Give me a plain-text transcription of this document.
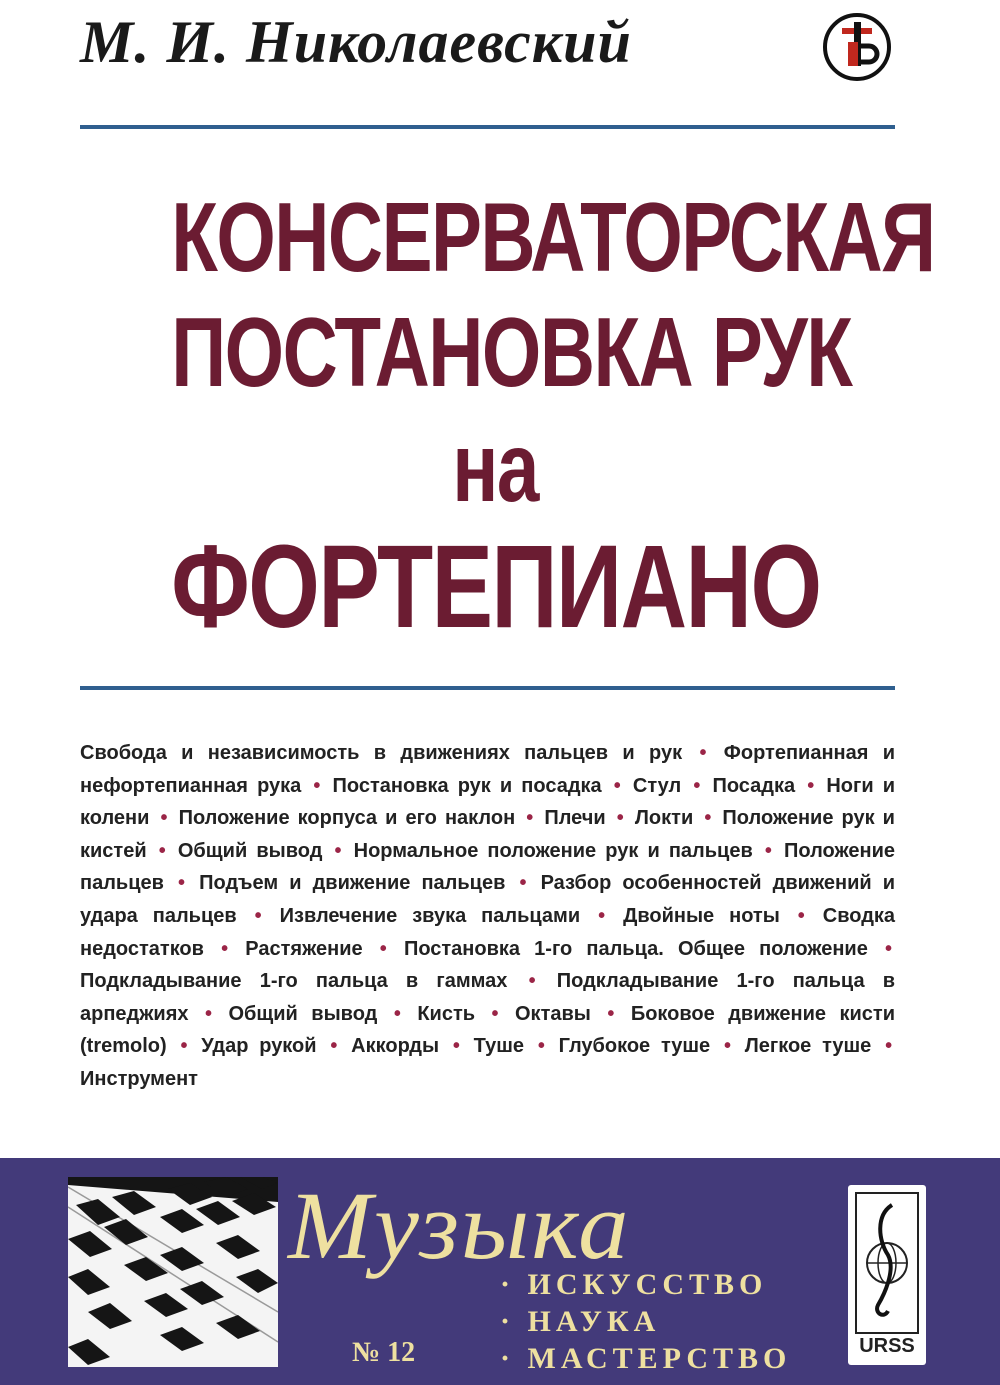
М. И. Николаевский
КОНСЕРВАТОРСКАЯ
ПОСТАНОВКА РУК
на
ФОРТЕПИАНО
Свобода и независимость в движениях пальцев и рук • Фортепианная и нефортепианная рука • Постановка рук и посадка • Стул • Посадка • Ноги и колени • Положение корпуса и его наклон • Плечи • Локти • Положение рук и кистей • Общий вывод • Нормальное положение рук и пальцев • Положение пальцев • Подъем и движение пальцев • Разбор особенностей движений и удара пальцев • Извлечение звука пальцами • Двойные ноты • Сводка недостатков • Растяжение • Постановка 1-го пальца. Общее положение • Подкладывание 1-го пальца в гаммах • Подкладывание 1-го пальца в арпеджиях • Общий вывод • Кисть • Октавы • Боковое движение кисти (tremolo) • Удар рукой • Аккорды • Туше • Глубокое туше • Легкое туше • Инструмент
Музыка
· ИСКУССТВО
· НАУКА
· МАСТЕРСТВО
№ 12	URSS
